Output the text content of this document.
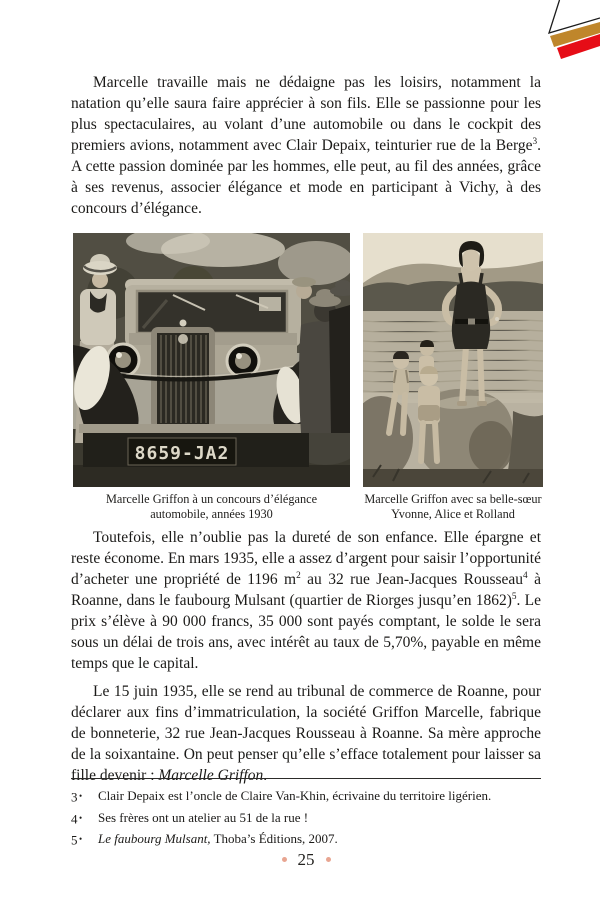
Marcelle travaille mais ne dédaigne pas les loisirs, notamment la natation qu’elle saura faire apprécier à son fils. Elle se passionne pour les plus spectaculaires, au volant d’une automobile ou dans le cockpit des premiers avions, notamment avec Clair Depaix, teinturier rue de la Berge$^3$. A cette passion dominée par les hommes, elle peut, au fil des années, grâce à ses revenus, associer élégance et mode en participant à Vichy, à des concours d’élégance.

8659-JA2
Marcelle Griffon à un concours d’élégance
automobile, années 1930
Marcelle Griffon avec sa belle-sœur
Yvonne, Alice et Rolland

Toutefois, elle n’oublie pas la dureté de son enfance. Elle épargne et reste économe. En mars 1935, elle a assez d’argent pour saisir l’opportunité d’acheter une propriété de 1196 $m^2$ au 32 rue Jean-Jacques Rousseau$^4$ à Roanne, dans le faubourg Mulsant (quartier de Riorges jusqu’en 1862)$^5$. Le prix s’élève à 90 000 francs, 35 000 sont payés comptant, le solde le sera sous un délai de trois ans, avec intérêt au taux de 5,70%, payable en même temps que le capital.

Le 15 juin 1935, elle se rend au tribunal de commerce de Roanne, pour déclarer aux fins d’immatriculation, la société Griffon Marcelle, fabrique de bonneterie, 32 rue Jean-Jacques Rousseau à Roanne. Sa mère approche de la soixantaine. On peut penser qu’elle s’efface totalement pour laisser sa fille devenir : Marcelle Griffon.

3 •	Clair Depaix est l’oncle de Claire Van-Khin, écrivaine du territoire ligérien.
4 •	Ses frères ont un atelier au 51 de la rue !
5 •	Le faubourg Mulsant, Thoba’s Éditions, 2007.
25
